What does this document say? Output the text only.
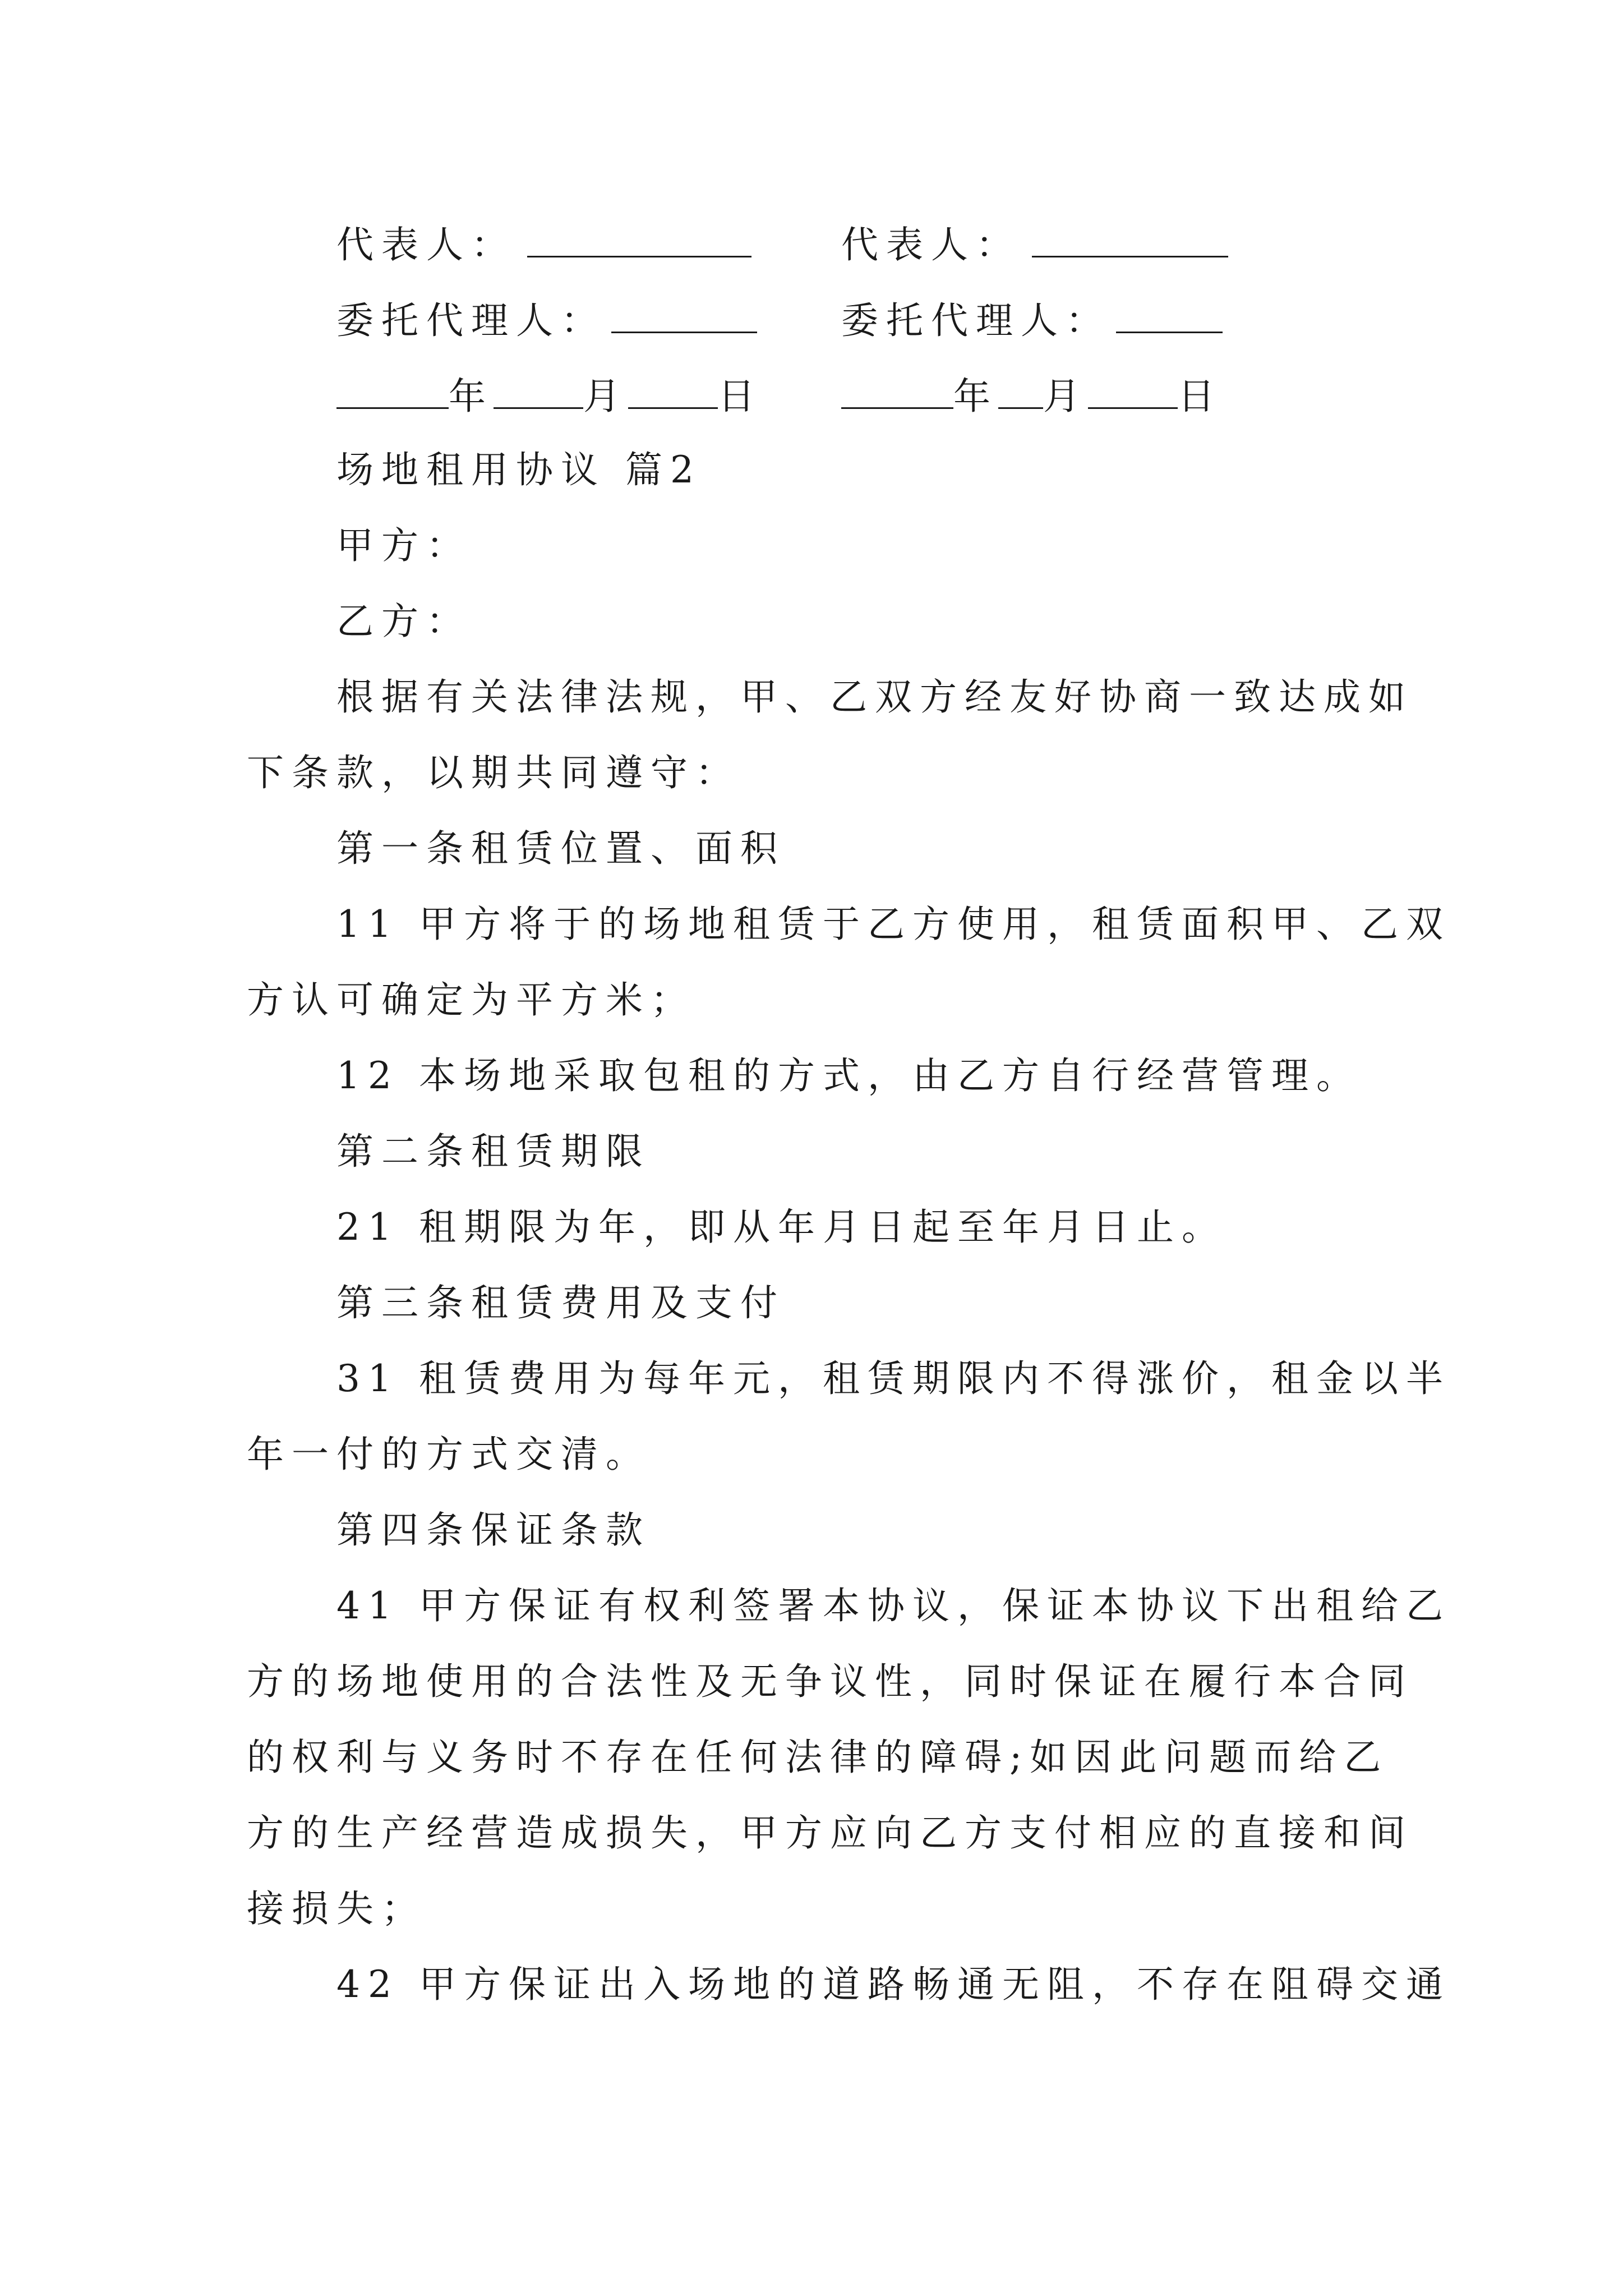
代表人：

委托代理人：

年 月 日

代表人：

委托代理人：

年 月 日

场地租用协议 篇2

甲方：

乙方：

根据有关法律法规，甲、乙双方经友好协商一致达成如

下条款，以期共同遵守：

第一条租赁位置、面积

11 甲方将于的场地租赁于乙方使用，租赁面积甲、乙双

方认可确定为平方米；

12 本场地采取包租的方式，由乙方自行经营管理。

第二条租赁期限

21 租期限为年，即从年月日起至年月日止。

第三条租赁费用及支付

31 租赁费用为每年元，租赁期限内不得涨价，租金以半

年一付的方式交清。

第四条保证条款

41 甲方保证有权利签署本协议，保证本协议下出租给乙

方的场地使用的合法性及无争议性，同时保证在履行本合同

的权利与义务时不存在任何法律的障碍;如因此问题而给乙

方的生产经营造成损失，甲方应向乙方支付相应的直接和间

接损失；

42 甲方保证出入场地的道路畅通无阻，不存在阻碍交通
